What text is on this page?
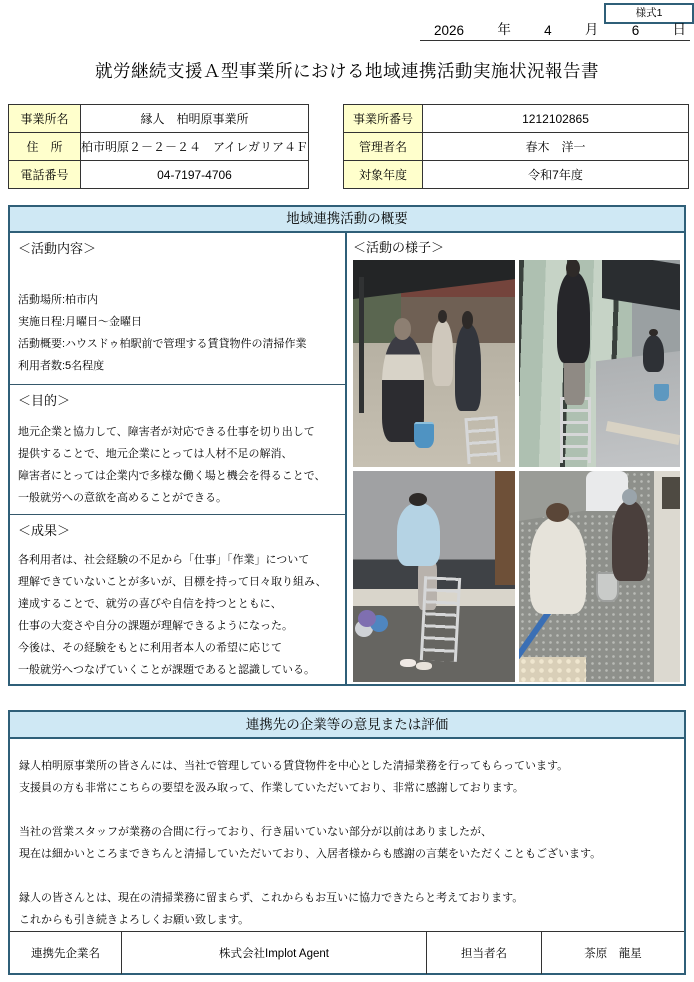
様式1
2026 年 4 月 6 日
就労継続支援Ａ型事業所における地域連携活動実施状況報告書
事業所名	縁人　柏明原事業所
住　所	柏市明原２－２－２４　アイレガリア４Ｆ
電話番号	04-7197-4706
事業所番号	1212102865
管理者名	春木　洋一
対象年度	令和7年度
地域連携活動の概要
＜活動内容＞
活動場所:柏市内
実施日程:月曜日～金曜日
活動概要:ハウスドゥ柏駅前で管理する賃貸物件の清掃作業
利用者数:5名程度
＜目的＞
地元企業と協力して、障害者が対応できる仕事を切り出して
提供することで、地元企業にとっては人材不足の解消、
障害者にとっては企業内で多様な働く場と機会を得ることで、
一般就労への意欲を高めることができる。
＜成果＞
各利用者は、社会経験の不足から「仕事」「作業」について
理解できていないことが多いが、目標を持って日々取り組み、
達成することで、就労の喜びや自信を持つとともに、
仕事の大変さや自分の課題が理解できるようになった。
今後は、その経験をもとに利用者本人の希望に応じて
一般就労へつなげていくことが課題であると認識している。
＜活動の様子＞
連携先の企業等の意見または評価
縁人柏明原事業所の皆さんには、当社で管理している賃貸物件を中心とした清掃業務を行ってもらっています。
支援員の方も非常にこちらの要望を汲み取って、作業していただいており、非常に感謝しております。
当社の営業スタッフが業務の合間に行っており、行き届いていない部分が以前はありましたが、
現在は細かいところまできちんと清掃していただいており、入居者様からも感謝の言葉をいただくこともございます。
縁人の皆さんとは、現在の清掃業務に留まらず、これからもお互いに協力できたらと考えております。
これからも引き続きよろしくお願い致します。
連携先企業名	株式会社Implot Agent	担当者名	茶原　龍星
